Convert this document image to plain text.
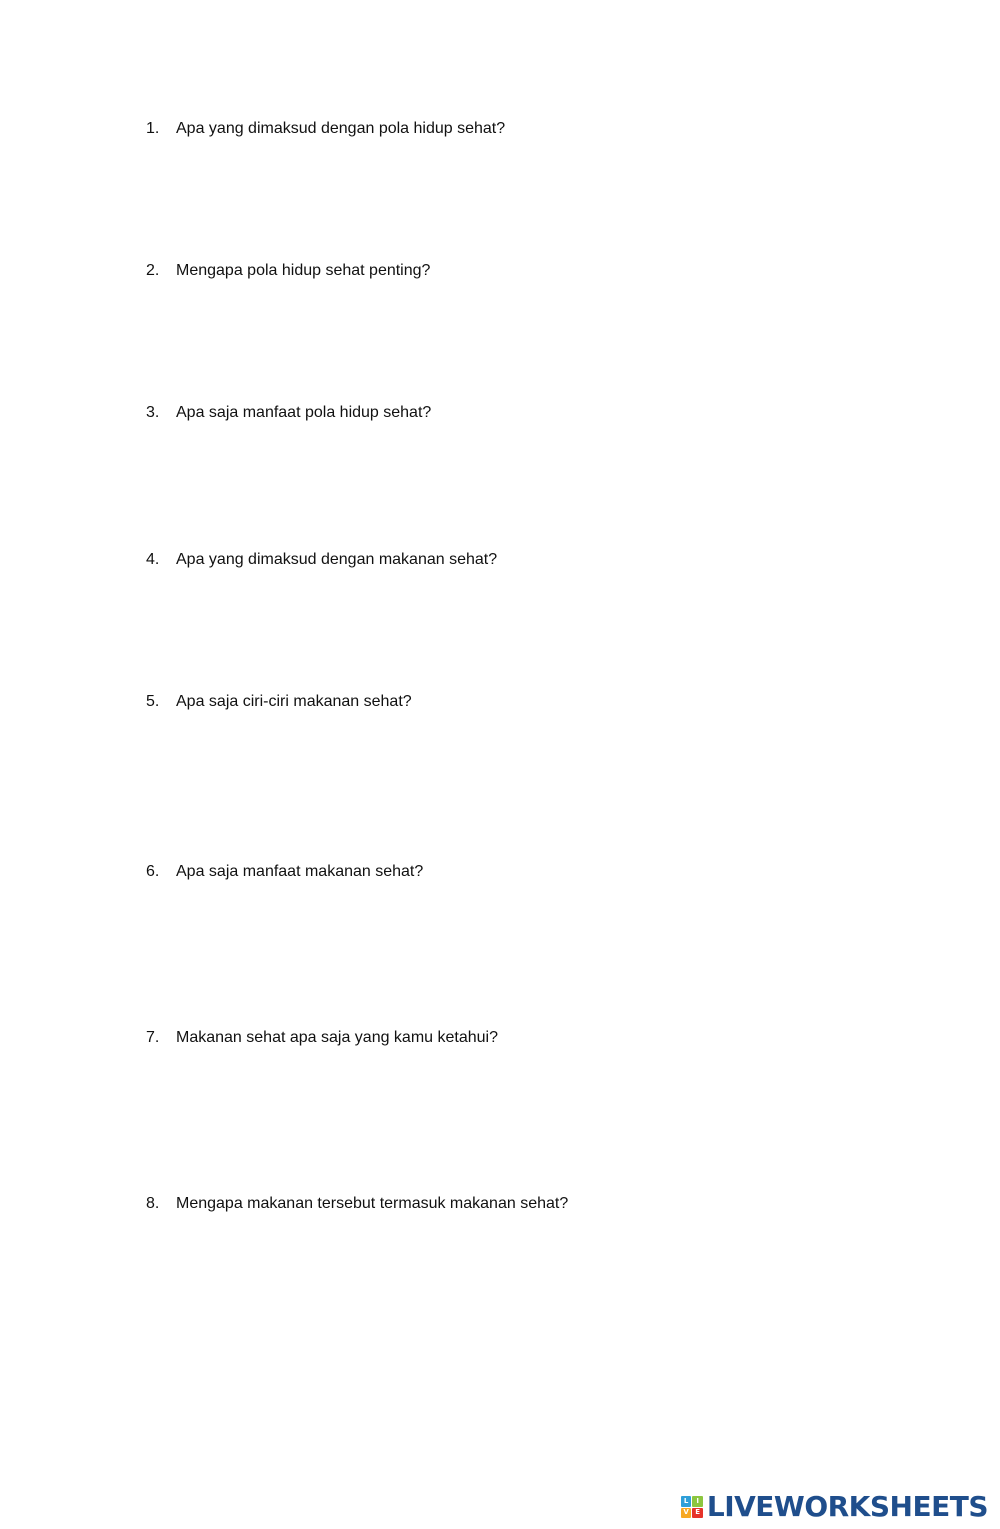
1.	Apa yang dimaksud dengan pola hidup sehat?
2.	Mengapa pola hidup sehat penting?
3.	Apa saja manfaat pola hidup sehat?
4.	Apa yang dimaksud dengan makanan sehat?
5.	Apa saja ciri-ciri makanan sehat?
6.	Apa saja manfaat makanan sehat?
7.	Makanan sehat apa saja yang kamu ketahui?
8.	Mengapa makanan tersebut termasuk makanan sehat?
L	I
V E LIVEWORKSHEETS
